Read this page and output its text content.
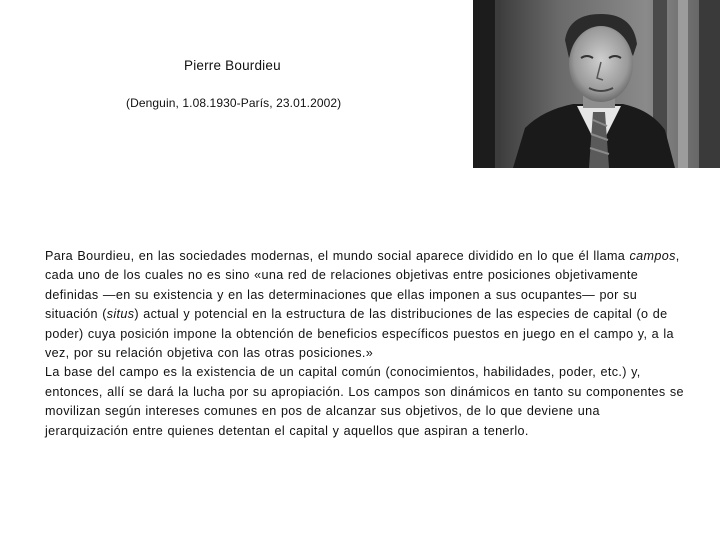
Pierre Bourdieu
(Denguin, 1.08.1930-París, 23.01.2002)

Para Bourdieu, en las sociedades modernas, el mundo social aparece dividido en lo que él llama campos, cada uno de los cuales no es sino «una red de relaciones objetivas entre posiciones objetivamente definidas —en su existencia y en las determinaciones que ellas imponen a sus ocupantes— por su situación (situs) actual y potencial en la estructura de las distribuciones de las especies de capital (o de poder) cuya posición impone la obtención de beneficios específicos puestos en juego en el campo y, a la vez, por su relación objetiva con las otras posiciones.»

La base del campo es la existencia de un capital común (conocimientos, habilidades, poder, etc.) y, entonces, allí se dará la lucha por su apropiación. Los campos son dinámicos en tanto su componentes se movilizan según intereses comunes en pos de alcanzar sus objetivos, de lo que deviene una jerarquización entre quienes detentan el capital y aquellos que aspiran a tenerlo.
